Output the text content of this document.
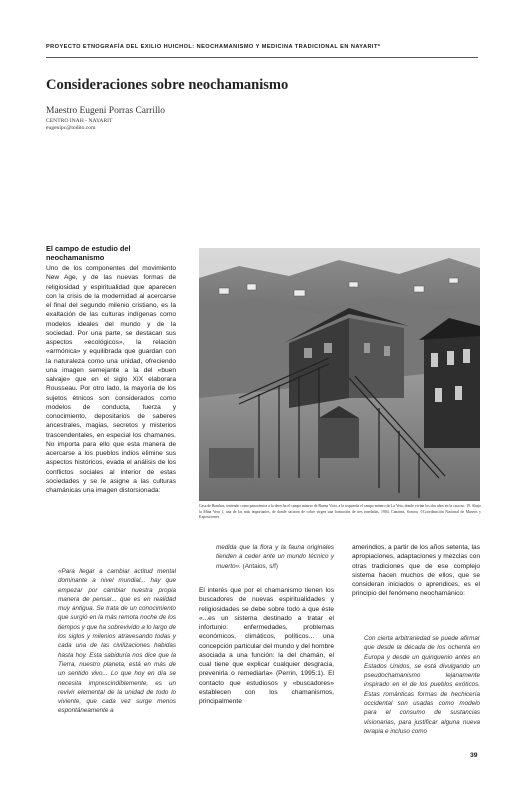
PROYECTO ETNOGRAFÍA DEL EXILIO HUICHOL: NEOCHAMANISMO Y MEDICINA TRADICIONAL EN NAYARIT*
Consideraciones sobre neochamanismo
Maestro Eugeni Porras Carrillo
CENTRO INAH - NAYARIT
eugenipc@todito.com
El campo de estudio del neochamanismo
Uno de los componentes del movimiento New Age, y de las nuevas formas de religiosidad y espiritualidad que aparecen con la crisis de la modernidad al acercarse el final del segundo milenio cristiano, es la exaltación de las culturas indígenas como modelos ideales del mundo y de la sociedad. Por una parte, se destacan sus aspectos «ecológicos», la relación «armónica» y equilibrada que guardan con la naturaleza como una unidad, ofreciendo una imagen semejante a la del «buen salvaje» que en el siglo XIX elaborara Rousseau. Por otro lado, la mayoría de los sujetos étnicos son considerados como modelos de conducta, fuerza y conocimiento, depositarios de saberes ancestrales, magias, secretos y misterios trascendentales, en especial los chamanes. No importa para ello que esta manera de acercarse a los pueblos indios elimine sus aspectos históricos, evada el análisis de los conflictos sociales al interior de estas sociedades y se le asigne a las culturas chamánicas una imagen distorsionada:
«Para llegar a cambiar actitud mental dominante a nivel mundial... hay que empezar por cambiar nuestra propia manera de pensar... que es en realidad muy antigua. Se trata de un conocimiento que surgió en la más remota noche de los tiempos y que ha sobrevivido a lo largo de los siglos y milenios atravesando todas y cada una de las civilizaciones habidas hasta hoy. Esta sabiduría nos dice que la Tierra, nuestro planeta, está en más de un sentido vivo... Lo que hoy en día se necesita imprescindiblemente, es un revivir elemental de la unidad de todo lo viviente, que cada vez surge menos espontáneamente a
Casa de Bombas, teniendo como panorámica a la derecha el campo minero de Buena Vista, a la izquierda el campo minero de La Veta, donde vivían los dos años en la casa no. 19. Abajo la Mina Vera 1, una de las más importantes, de donde sacaron de cobre virgen una formación de tres toneladas, 1904. Cananea, Sonora. ©Coordinación Nacional de Museos y Exposiciones
medida que la flora y la fauna originales tienden a ceder ante un mundo técnico y muerto». (Antaios, s/f)
El interés que por el chamanismo tienen los buscadores de nuevas espiritualidades y religiosidades se debe sobre todo a que éste «...es un sistema destinado a tratar el infortunio: enfermedades, problemas económicos, climáticos, políticos... una concepción particular del mundo y del hombre asociada a una función: la del chamán, el cual tiene que explicar cualquier desgracia, prevenirla o remediarla» (Perrin, 1995:1). El contacto que estudiosos y «buscadores» establecen con los chamanismos, principalmente
amerindios, a partir de los años setenta, las apropiaciones, adaptaciones y mezclas con otras tradiciones que de ese complejo sistema hacen muchos de ellos, que se consideran iniciados o aprendices, es el principio del fenómeno neochamánico:
Con cierta arbitrariedad se puede afirmar que desde la década de los ochenta en Europa y desde un quinquenio antes en Estados Unidos, se está divulgando un pseudochamanismo lejanamente inspirado en el de los pueblos exóticos. Estas románticas formas de hechicería occidental son usadas como modelo para el consumo de sustancias visionarias, para justificar alguna nueva terapia e incluso como
39
